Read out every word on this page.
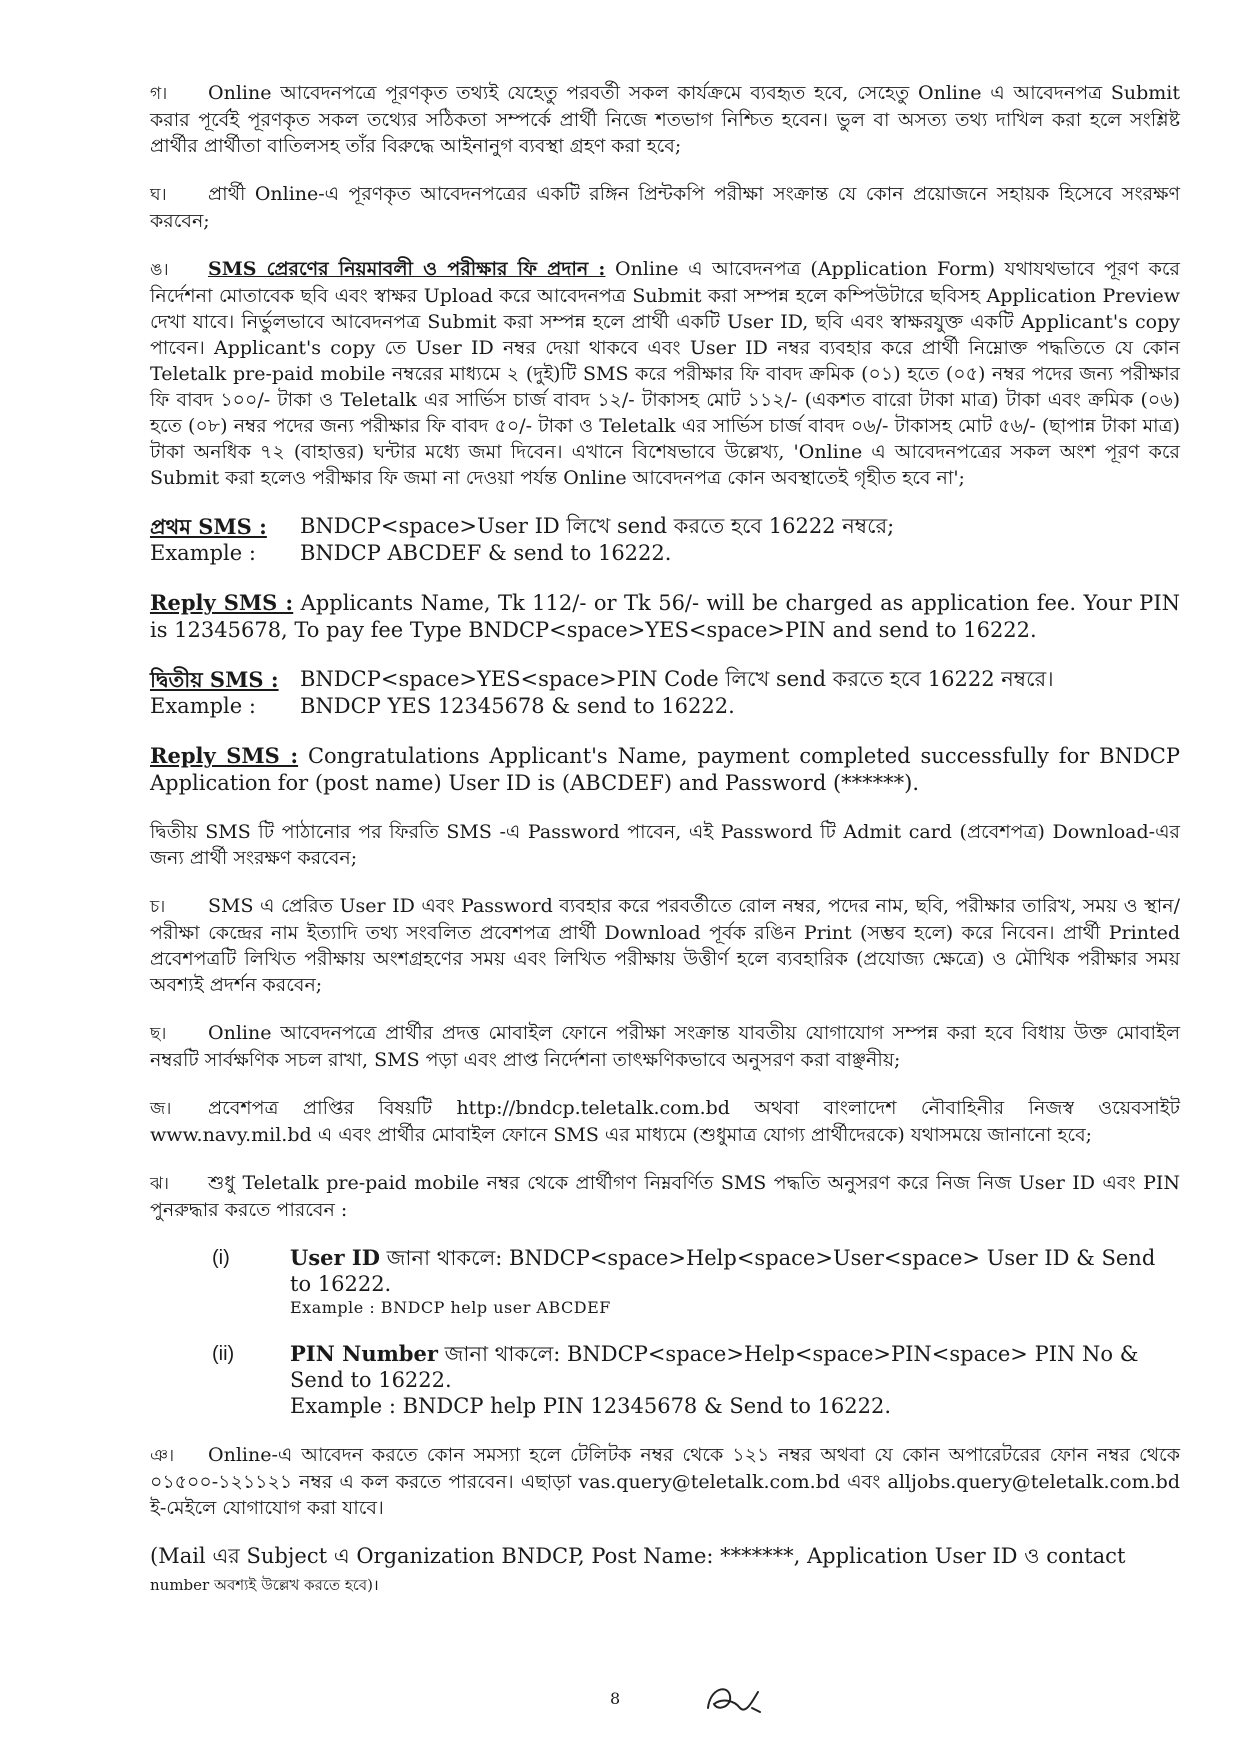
গ। Online আবেদনপত্রে পূরণকৃত তথ্যই যেহেতু পরবর্তী সকল কার্যক্রমে ব্যবহৃত হবে, সেহেতু Online এ আবেদনপত্র Submit করার পূর্বেই পূরণকৃত সকল তথ্যের সঠিকতা সম্পর্কে প্রার্থী নিজে শতভাগ নিশ্চিত হবেন। ভুল বা অসত্য তথ্য দাখিল করা হলে সংশ্লিষ্ট প্রার্থীর প্রার্থীতা বাতিলসহ তাঁর বিরুদ্ধে আইনানুগ ব্যবস্থা গ্রহণ করা হবে;

ঘ। প্রার্থী Online-এ পূরণকৃত আবেদনপত্রের একটি রঙ্গিন প্রিন্টকপি পরীক্ষা সংক্রান্ত যে কোন প্রয়োজনে সহায়ক হিসেবে সংরক্ষণ করবেন;

ঙ। SMS প্রেরণের নিয়মাবলী ও পরীক্ষার ফি প্রদান : Online এ আবেদনপত্র (Application Form) যথাযথভাবে পূরণ করে নির্দেশনা মোতাবেক ছবি এবং স্বাক্ষর Upload করে আবেদনপত্র Submit করা সম্পন্ন হলে কম্পিউটারে ছবিসহ Application Preview দেখা যাবে। নির্ভুলভাবে আবেদনপত্র Submit করা সম্পন্ন হলে প্রার্থী একটি User ID, ছবি এবং স্বাক্ষরযুক্ত একটি Applicant's copy পাবেন। Applicant's copy তে User ID নম্বর দেয়া থাকবে এবং User ID নম্বর ব্যবহার করে প্রার্থী নিম্নোক্ত পদ্ধতিতে যে কোন Teletalk pre-paid mobile নম্বরের মাধ্যমে ২ (দুই)টি SMS করে পরীক্ষার ফি বাবদ ক্রমিক (০১) হতে (০৫) নম্বর পদের জন্য পরীক্ষার ফি বাবদ ১০০/- টাকা ও Teletalk এর সার্ভিস চার্জ বাবদ ১২/- টাকাসহ মোট ১১২/- (একশত বারো টাকা মাত্র) টাকা এবং ক্রমিক (০৬) হতে (০৮) নম্বর পদের জন্য পরীক্ষার ফি বাবদ ৫০/- টাকা ও Teletalk এর সার্ভিস চার্জ বাবদ ০৬/- টাকাসহ মোট ৫৬/- (ছাপান্ন টাকা মাত্র) টাকা অনধিক ৭২ (বাহাত্তর) ঘন্টার মধ্যে জমা দিবেন। এখানে বিশেষভাবে উল্লেখ্য, 'Online এ আবেদনপত্রের সকল অংশ পূরণ করে Submit করা হলেও পরীক্ষার ফি জমা না দেওয়া পর্যন্ত Online আবেদনপত্র কোন অবস্থাতেই গৃহীত হবে না';

প্রথম SMS :	BNDCP<space>User ID লিখে send করতে হবে 16222 নম্বরে;
Example :	BNDCP ABCDEF & send to 16222.

Reply SMS : Applicants Name, Tk 112/- or Tk 56/- will be charged as application fee. Your PIN is 12345678, To pay fee Type BNDCP<space>YES<space>PIN and send to 16222.

দ্বিতীয় SMS :	BNDCP<space>YES<space>PIN Code লিখে send করতে হবে 16222 নম্বরে।
Example :	BNDCP YES 12345678 & send to 16222.

Reply SMS : Congratulations Applicant's Name, payment completed successfully for BNDCP Application for (post name) User ID is (ABCDEF) and Password (******).

দ্বিতীয় SMS টি পাঠানোর পর ফিরতি SMS -এ Password পাবেন, এই Password টি Admit card (প্রবেশপত্র) Download-এর জন্য প্রার্থী সংরক্ষণ করবেন;

চ। SMS এ প্রেরিত User ID এবং Password ব্যবহার করে পরবর্তীতে রোল নম্বর, পদের নাম, ছবি, পরীক্ষার তারিখ, সময় ও স্থান/পরীক্ষা কেন্দ্রের নাম ইত্যাদি তথ্য সংবলিত প্রবেশপত্র প্রার্থী Download পূর্বক রঙিন Print (সম্ভব হলে) করে নিবেন। প্রার্থী Printed প্রবেশপত্রটি লিখিত পরীক্ষায় অংশগ্রহণের সময় এবং লিখিত পরীক্ষায় উত্তীর্ণ হলে ব্যবহারিক (প্রযোজ্য ক্ষেত্রে) ও মৌখিক পরীক্ষার সময় অবশ্যই প্রদর্শন করবেন;

ছ। Online আবেদনপত্রে প্রার্থীর প্রদত্ত মোবাইল ফোনে পরীক্ষা সংক্রান্ত যাবতীয় যোগাযোগ সম্পন্ন করা হবে বিধায় উক্ত মোবাইল নম্বরটি সার্বক্ষণিক সচল রাখা, SMS পড়া এবং প্রাপ্ত নির্দেশনা তাৎক্ষণিকভাবে অনুসরণ করা বাঞ্ছনীয়;

জ। প্রবেশপত্র প্রাপ্তির বিষয়টি http://bndcp.teletalk.com.bd অথবা বাংলাদেশ নৌবাহিনীর নিজস্ব ওয়েবসাইট www.navy.mil.bd এ এবং প্রার্থীর মোবাইল ফোনে SMS এর মাধ্যমে (শুধুমাত্র যোগ্য প্রার্থীদেরকে) যথাসময়ে জানানো হবে;

ঝ। শুধু Teletalk pre-paid mobile নম্বর থেকে প্রার্থীগণ নিম্নবর্ণিত SMS পদ্ধতি অনুসরণ করে নিজ নিজ User ID এবং PIN পুনরুদ্ধার করতে পারবেন :

(i)	User ID জানা থাকলে: BNDCP<space>Help<space>User<space> User ID & Send to 16222.
Example : BNDCP help user ABCDEF
(ii)	PIN Number জানা থাকলে: BNDCP<space>Help<space>PIN<space> PIN No & Send to 16222.
Example : BNDCP help PIN 12345678 & Send to 16222.

ঞ। Online-এ আবেদন করতে কোন সমস্যা হলে টেলিটক নম্বর থেকে ১২১ নম্বর অথবা যে কোন অপারেটরের ফোন নম্বর থেকে ০১৫০০-১২১১২১ নম্বর এ কল করতে পারবেন। এছাড়া vas.query@teletalk.com.bd এবং alljobs.query@teletalk.com.bd ই-মেইলে যোগাযোগ করা যাবে।

(Mail এর Subject এ Organization BNDCP, Post Name: *******, Application User ID ও contact number অবশ্যই উল্লেখ করতে হবে)।

8
